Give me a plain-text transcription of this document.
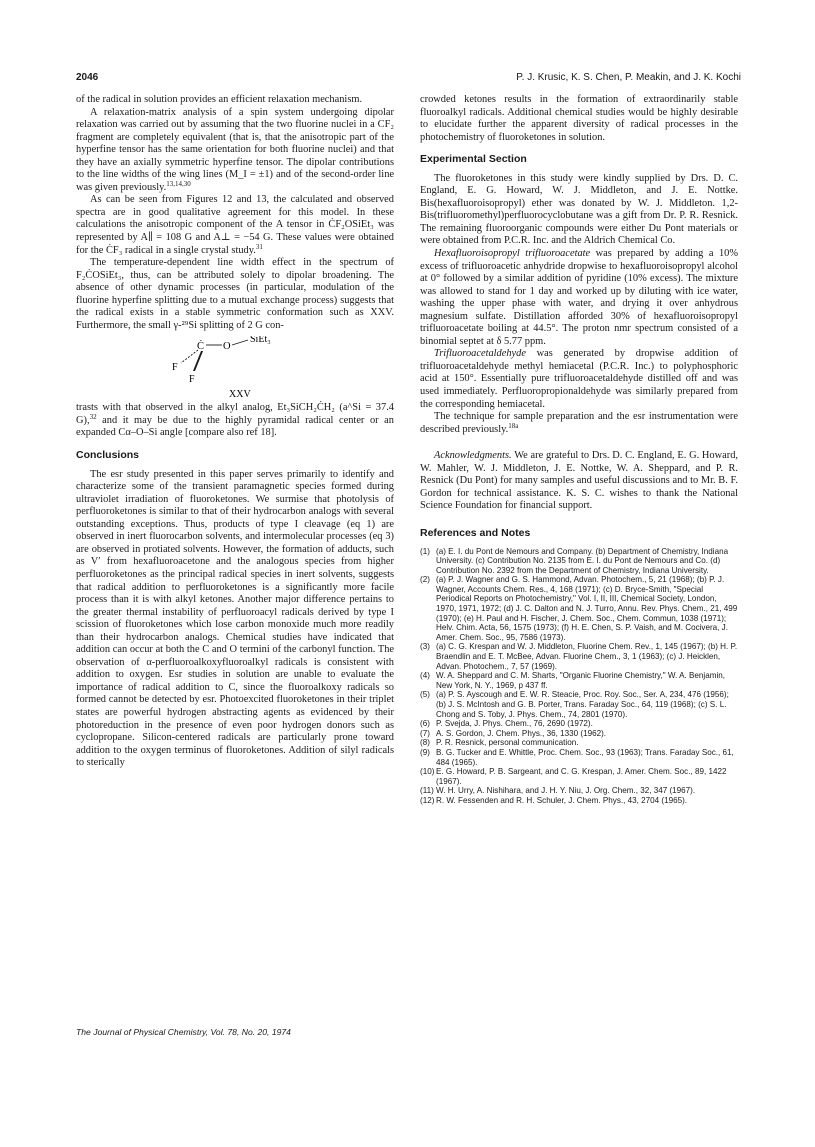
2046	P. J. Krusic, K. S. Chen, P. Meakin, and J. K. Kochi

of the radical in solution provides an efficient relaxation mechanism.

A relaxation-matrix analysis of a spin system undergoing dipolar relaxation was carried out by assuming that the two fluorine nuclei in a CF₂ fragment are completely equivalent (that is, that the anisotropic part of the hyperfine tensor has the same orientation for both fluorine nuclei) and that they have an axially symmetric hyperfine tensor. The dipolar contributions to the line widths of the wing lines (M_I = ±1) and of the second-order line was given previously.$^{13,14,30}$

As can be seen from Figures 12 and 13, the calculated and observed spectra are in good qualitative agreement for this model. In these calculations the anisotropic component of the A tensor in ĊF₂OSiEt₃ was represented by A∥ = 108 G and A⊥ = −54 G. These values were obtained for the ĊF₃ radical in a single crystal study.$^{31}$

The temperature-dependent line width effect in the spectrum of F₂ĊOSiEt₃, thus, can be attributed solely to dipolar broadening. The absence of other dynamic processes (in particular, modulation of the fluorine hyperfine splitting due to a mutual exchange process) suggests that the radical exists in a stable symmetric conformation such as XXV. Furthermore, the small γ-²⁹Si splitting of 2 G con-

Ċ O
SiEt₃
F
F
XXV

trasts with that observed in the alkyl analog, Et₃SiCH₂ĊH₂ (a^Si = 37.4 G),$^{32}$ and it may be due to the highly pyramidal radical center or an expanded Cα–O–Si angle [compare also ref 18].

Conclusions

The esr study presented in this paper serves primarily to identify and characterize some of the transient paramagnetic species formed during ultraviolet irradiation of fluoroketones. We surmise that photolysis of perfluoroketones is similar to that of their hydrocarbon analogs with several outstanding exceptions. Thus, products of type I cleavage (eq 1) are observed in inert fluorocarbon solvents, and intermolecular processes (eq 3) are observed in protiated solvents. However, the formation of adducts, such as V′ from hexafluoroacetone and the analogous species from higher perfluoroketones as the principal radical species in inert solvents, suggests that radical addition to perfluoroketones is a significantly more facile process than it is with alkyl ketones. Another major difference pertains to the greater thermal instability of perfluoroacyl radicals derived by type I scission of fluoroketones which lose carbon monoxide much more readily than their hydrocarbon analogs. Chemical studies have indicated that addition can occur at both the C and O termini of the carbonyl function. The observation of α-perfluoroalkoxyfluoroalkyl radicals is consistent with addition to oxygen. Esr studies in solution are unable to evaluate the importance of radical addition to C, since the fluoroalkoxy radicals so formed cannot be detected by esr. Photoexcited fluoroketones in their triplet states are powerful hydrogen abstracting agents as evidenced by their photoreduction in the presence of even poor hydrogen donors such as cyclopropane. Silicon-centered radicals are particularly prone toward addition to the oxygen terminus of fluoroketones. Addition of silyl radicals to sterically

crowded ketones results in the formation of extraordinarily stable fluoroalkyl radicals. Additional chemical studies would be highly desirable to elucidate further the apparent diversity of radical processes in the photochemistry of fluoroketones in solution.

Experimental Section

The fluoroketones in this study were kindly supplied by Drs. D. C. England, E. G. Howard, W. J. Middleton, and J. E. Nottke. Bis(hexafluoroisopropyl) ether was donated by W. J. Middleton. 1,2-Bis(trifluoromethyl)perfluorocyclobutane was a gift from Dr. P. R. Resnick. The remaining fluoroorganic compounds were either Du Pont materials or were obtained from P.C.R. Inc. and the Aldrich Chemical Co.

Hexafluoroisopropyl trifluoroacetate was prepared by adding a 10% excess of trifluoroacetic anhydride dropwise to hexafluoroisopropyl alcohol at 0° followed by a similar addition of pyridine (10% excess). The mixture was allowed to stand for 1 day and worked up by diluting with ice water, washing the upper phase with water, and drying it over anhydrous magnesium sulfate. Distillation afforded 30% of hexafluoroisopropyl trifluoroacetate boiling at 44.5°. The proton nmr spectrum consisted of a binomial septet at δ 5.77 ppm.

Trifluoroacetaldehyde was generated by dropwise addition of trifluoroacetaldehyde methyl hemiacetal (P.C.R. Inc.) to polyphosphoric acid at 150°. Essentially pure trifluoroacetaldehyde distilled off and was used immediately. Perfluoropropionaldehyde was similarly prepared from the corresponding hemiacetal.

The technique for sample preparation and the esr instrumentation were described previously.$^{18a}$

Acknowledgments. We are grateful to Drs. D. C. England, E. G. Howard, W. Mahler, W. J. Middleton, J. E. Nottke, W. A. Sheppard, and P. R. Resnick (Du Pont) for many samples and useful discussions and to Mr. B. F. Gordon for technical assistance. K. S. C. wishes to thank the National Science Foundation for financial support.

References and Notes
(1) (a) E. I. du Pont de Nemours and Company. (b) Department of Chemistry, Indiana University. (c) Contribution No. 2135 from E. I. du Pont de Nemours and Co. (d) Contribution No. 2392 from the Department of Chemistry, Indiana University.
(2) (a) P. J. Wagner and G. S. Hammond, Advan. Photochem., 5, 21 (1968); (b) P. J. Wagner, Accounts Chem. Res., 4, 168 (1971); (c) D. Bryce-Smith, "Special Periodical Reports on Photochemistry," Vol. I, II, III, Chemical Society, London, 1970, 1971, 1972; (d) J. C. Dalton and N. J. Turro, Annu. Rev. Phys. Chem., 21, 499 (1970); (e) H. Paul and H. Fischer, J. Chem. Soc., Chem. Commun, 1038 (1971); Helv. Chim. Acta, 56, 1575 (1973); (f) H. E. Chen, S. P. Vaish, and M. Cocivera, J. Amer. Chem. Soc., 95, 7586 (1973).
(3) (a) C. G. Krespan and W. J. Middleton, Fluorine Chem. Rev., 1, 145 (1967); (b) H. P. Braendlin and E. T. McBee, Advan. Fluorine Chem., 3, 1 (1963); (c) J. Heicklen, Advan. Photochem., 7, 57 (1969).
(4) W. A. Sheppard and C. M. Sharts, "Organic Fluorine Chemistry," W. A. Benjamin, New York, N. Y., 1969, p 437 ff.
(5) (a) P. S. Ayscough and E. W. R. Steacie, Proc. Roy. Soc., Ser. A, 234, 476 (1956); (b) J. S. McIntosh and G. B. Porter, Trans. Faraday Soc., 64, 119 (1968); (c) S. L. Chong and S. Toby, J. Phys. Chem., 74, 2801 (1970).
(6) P. Svejda, J. Phys. Chem., 76, 2690 (1972).
(7) A. S. Gordon, J. Chem. Phys., 36, 1330 (1962).
(8) P. R. Resnick, personal communication.
(9) B. G. Tucker and E. Whittle, Proc. Chem. Soc., 93 (1963); Trans. Faraday Soc., 61, 484 (1965).
(10) E. G. Howard, P. B. Sargeant, and C. G. Krespan, J. Amer. Chem. Soc., 89, 1422 (1967).
(11) W. H. Urry, A. Nishihara, and J. H. Y. Niu, J. Org. Chem., 32, 347 (1967).
(12) R. W. Fessenden and R. H. Schuler, J. Chem. Phys., 43, 2704 (1965).
The Journal of Physical Chemistry, Vol. 78, No. 20, 1974
